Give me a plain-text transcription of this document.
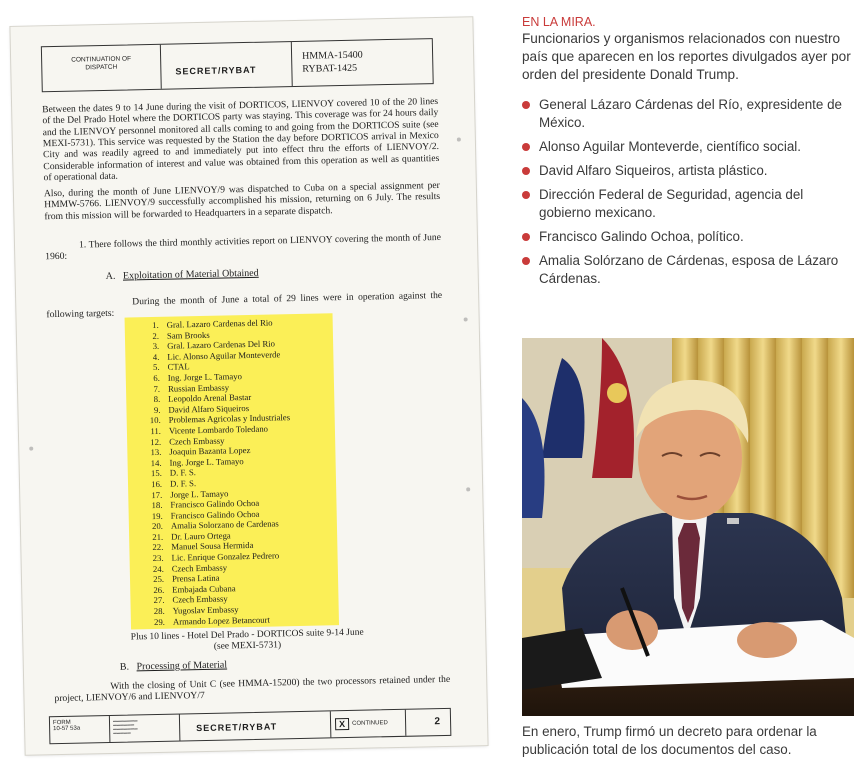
CONTINUATION OF
DISPATCH	SECRET/RYBAT
HMMA-15400
RYBAT-1425
Between the dates 9 to 14 June during the visit of DORTICOS, LIENVOY covered 10 of the 20 lines of the Del Prado Hotel where the DORTICOS party was staying. This coverage was for 24 hours daily and the LIENVOY personnel monitored all calls coming to and going from the DORTICOS suite (see MEXI-5731). This service was requested by the Station the day before DORTICOS arrival in Mexico City and was readily agreed to and immediately put into effect thru the efforts of LIENVOY/2. Considerable information of interest and value was obtained from this operation as well as quantities of operational data.
Also, during the month of June LIENVOY/9 was dispatched to Cuba on a special assignment per HMMW-5766. LIENVOY/9 successfully accomplished his mission, returning on 6 July. The results from this mission will be forwarded to Headquarters in a separate dispatch.
1. There follows the third monthly activities report on LIENVOY covering the month of June 1960:
A. Exploitation of Material Obtained
During the month of June a total of 29 lines were in operation against the following targets:
1. Gral. Lazaro Cardenas del Rio
2. Sam Brooks
3. Gral. Lazaro Cardenas Del Rio
4. Lic. Alonso Aguilar Monteverde
5. CTAL
6. Ing. Jorge L. Tamayo
7. Russian Embassy
8. Leopoldo Arenal Bastar
9. David Alfaro Siqueiros
10. Problemas Agricolas y Industriales
11. Vicente Lombardo Toledano
12. Czech Embassy
13. Joaquin Bazanta Lopez
14. Ing. Jorge L. Tamayo
15. D. F. S.
16. D. F. S.
17. Jorge L. Tamayo
18. Francisco Galindo Ochoa
19. Francisco Galindo Ochoa
20. Amalia Solorzano de Cardenas
21. Dr. Lauro Ortega
22. Manuel Sousa Hermida
23. Lic. Enrique Gonzalez Pedrero
24. Czech Embassy
25. Prensa Latina
26. Embajada Cubana
27. Czech Embassy
28. Yugoslav Embassy
29. Armando Lopez Betancourt
Plus 10 lines - Hotel Del Prado - DORTICOS suite 9-14 June
(see MEXI-5731)
B. Processing of Material
With the closing of Unit C (see HMMA-15200) the two processors retained under the project, LIENVOY/6 and LIENVOY/7
FORM
10-57 53a
▬▬▬▬▬▬▬
▬▬▬▬▬▬
▬▬▬▬▬▬▬
▬▬▬▬▬	SECRET/RYBAT	X	CONTINUED	2
EN LA MIRA.
Funcionarios y organismos relacionados con nuestro país que aparecen en los reportes divulgados ayer por orden del presidente Donald Trump.
General Lázaro Cárdenas del Río, expresidente de México.
Alonso Aguilar Monteverde, científico social.
David Alfaro Siqueiros, artista plástico.
Dirección Federal de Seguridad, agencia del gobierno mexicano.
Francisco Galindo Ochoa, político.
Amalia Solórzano de Cárdenas, esposa de Lázaro Cárdenas.
En enero, Trump firmó un decreto para ordenar la publicación total de los documentos del caso.
